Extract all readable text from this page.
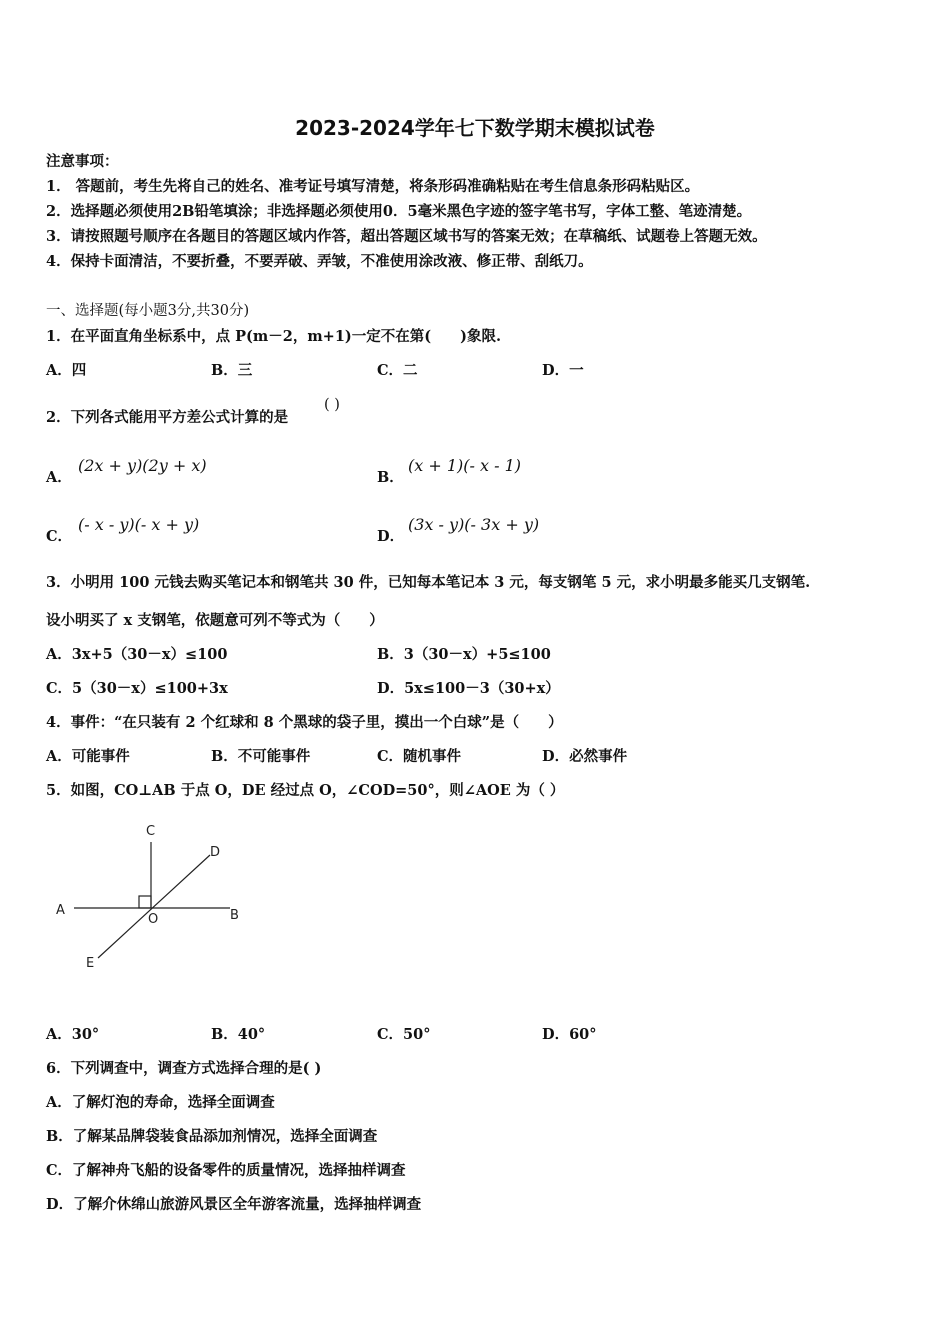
2023-2024学年七下数学期末模拟试卷
注意事项：
1． 答题前，考生先将自己的姓名、准考证号填写清楚，将条形码准确粘贴在考生信息条形码粘贴区。
2．选择题必须使用2B铅笔填涂；非选择题必须使用0．5毫米黑色字迹的签字笔书写，字体工整、笔迹清楚。
3．请按照题号顺序在各题目的答题区域内作答，超出答题区域书写的答案无效；在草稿纸、试题卷上答题无效。
4．保持卡面清洁，不要折叠，不要弄破、弄皱，不准使用涂改液、修正带、刮纸刀。
一、选择题(每小题3分,共30分)
1．在平面直角坐标系中，点 P(m－2，m+1)一定不在第(　　)象限.
A．四	B．三	C．二	D．一
2．下列各式能用平方差公式计算的是
( )
A．
(2x + y)(2y + x)
B．
(x + 1)(- x - 1)
C．
(- x - y)(- x + y)
D．
(3x - y)(- 3x + y)
3．小明用 100 元钱去购买笔记本和钢笔共 30 件，已知每本笔记本 3 元，每支钢笔 5 元，求小明最多能买几支钢笔.
设小明买了 x 支钢笔，依题意可列不等式为（　　）
A．3x+5（30－x）≤100	B．3（30－x）+5≤100
C．5（30－x）≤100+3x	D．5x≤100－3（30+x）
4．事件：“在只装有 2 个红球和 8 个黑球的袋子里，摸出一个白球”是（　　）
A．可能事件	B．不可能事件	C．随机事件	D．必然事件
5．如图，CO⊥AB 于点 O，DE 经过点 O，∠COD=50°，则∠AOE 为（ ）
A	B
C
D
E
O
A．30°	B．40°	C．50°	D．60°
6．下列调查中，调查方式选择合理的是( )
A．了解灯泡的寿命，选择全面调查
B．了解某品牌袋装食品添加剂情况，选择全面调查
C．了解神舟飞船的设备零件的质量情况，选择抽样调查
D．了解介休绵山旅游风景区全年游客流量，选择抽样调查
